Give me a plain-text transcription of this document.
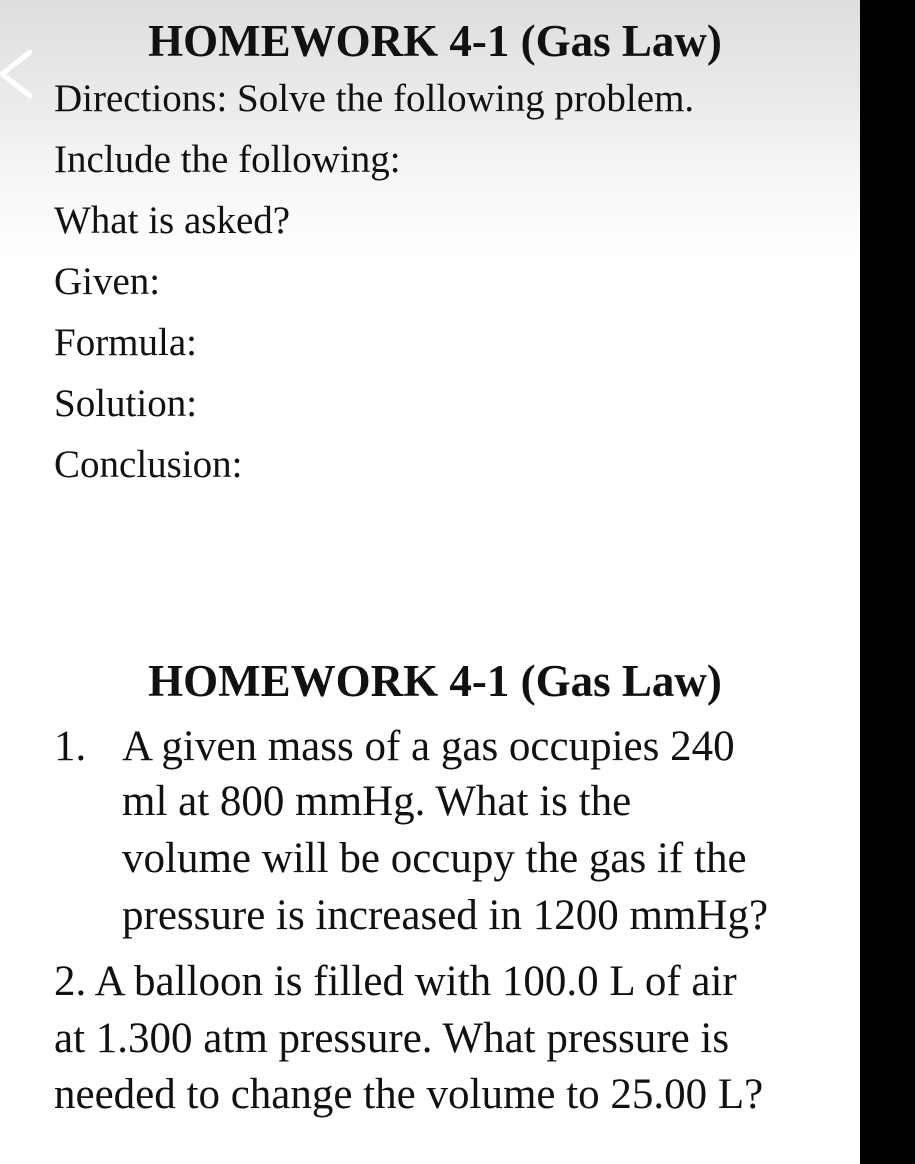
HOMEWORK 4-1 (Gas Law)
Directions: Solve the following problem.
Include the following:
What is asked?
Given:
Formula:
Solution:
Conclusion:
HOMEWORK 4-1 (Gas Law)
1. A given mass of a gas occupies 240
ml at 800 mmHg. What is the
volume will be occupy the gas if the
pressure is increased in 1200 mmHg?
2. A balloon is filled with 100.0 L of air
at 1.300 atm pressure. What pressure is
needed to change the volume to 25.00 L?
